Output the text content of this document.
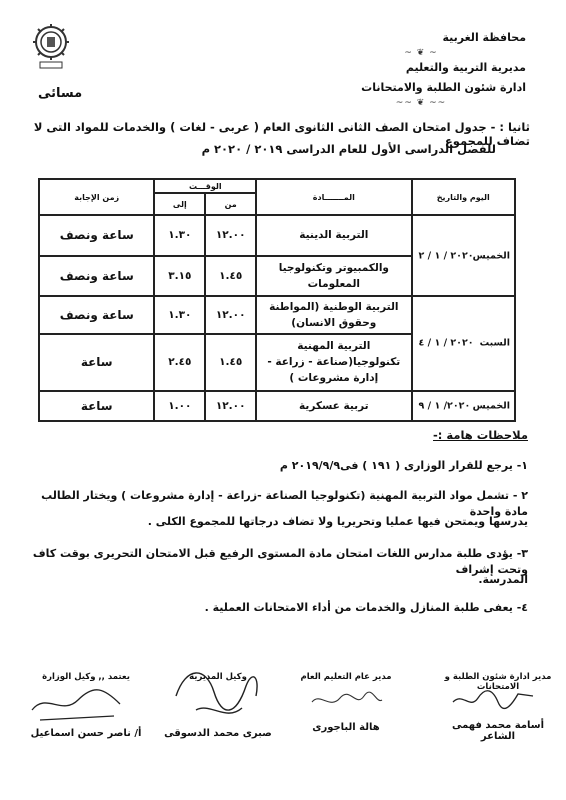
محافظة الغربية
~ ❦ ~
مديرية التربية والتعليم
ادارة شئون الطلبة والامتحانات
~~ ❦ ~~
مسائى
ثانيا : - جدول امتحان الصف الثانى الثانوى العام ( عربى - لغات ) والخدمات للمواد التى لا تضاف للمجموع
للفصل الدراسى الأول للعام الدراسى ٢٠١٩ / ٢٠٢٠ م
اليوم والتاريخ	المـــــــادة	الوقـــت		زمن الإجابة
		من	إلى	

الخميس
٢٠٢٠ / ١ / ٢	التربية الدينية	١٢.٠٠	١.٣٠	ساعة ونصف
	والكمبيوتر وتكنولوجيا المعلومات	١.٤٥	٣.١٥	ساعة ونصف

السبت
٢٠٢٠ / ١ / ٤	التربية الوطنية (المواطنة وحقوق الانسان)	١٢.٠٠	١.٣٠	ساعة ونصف
	التربية المهنية تكنولوجيا(صناعة - زراعة - إدارة مشروعات )	١.٤٥	٢.٤٥	ساعة

الخميس
٢٠٢٠/ ١ / ٩	تربية عسكرية	١٢.٠٠	١.٠٠	ساعة
ملاحظات هامة :-
١- يرجع للقرار الوزارى ( ١٩١ ) فى٢٠١٩/٩/٩ م
٢ - تشمل مواد التربية المهنية (تكنولوجيا الصناعة -زراعة - إدارة مشروعات ) ويختار الطالب مادة واحدة
يدرسها ويمتحن فيها عمليا وتحريريا ولا تضاف درجاتها للمجموع الكلى .
٣- يؤدى طلبة مدارس اللغات امتحان مادة المستوى الرفيع قبل الامتحان التحريرى بوقت كاف وتحت إشراف
المدرسة.
٤- يعفى طلبة المنازل والخدمات من أداء الامتحانات العملية .
مدير ادارة شئون الطلبة و الامتحانات
أسامة محمد فهمى الشاعر
مدير عام التعليم العام
هالة الباجورى
وكيل المديرية
صبرى محمد الدسوقى
يعتمد ,, وكيل الوزارة
أ/ ناصر حسن اسماعيل
